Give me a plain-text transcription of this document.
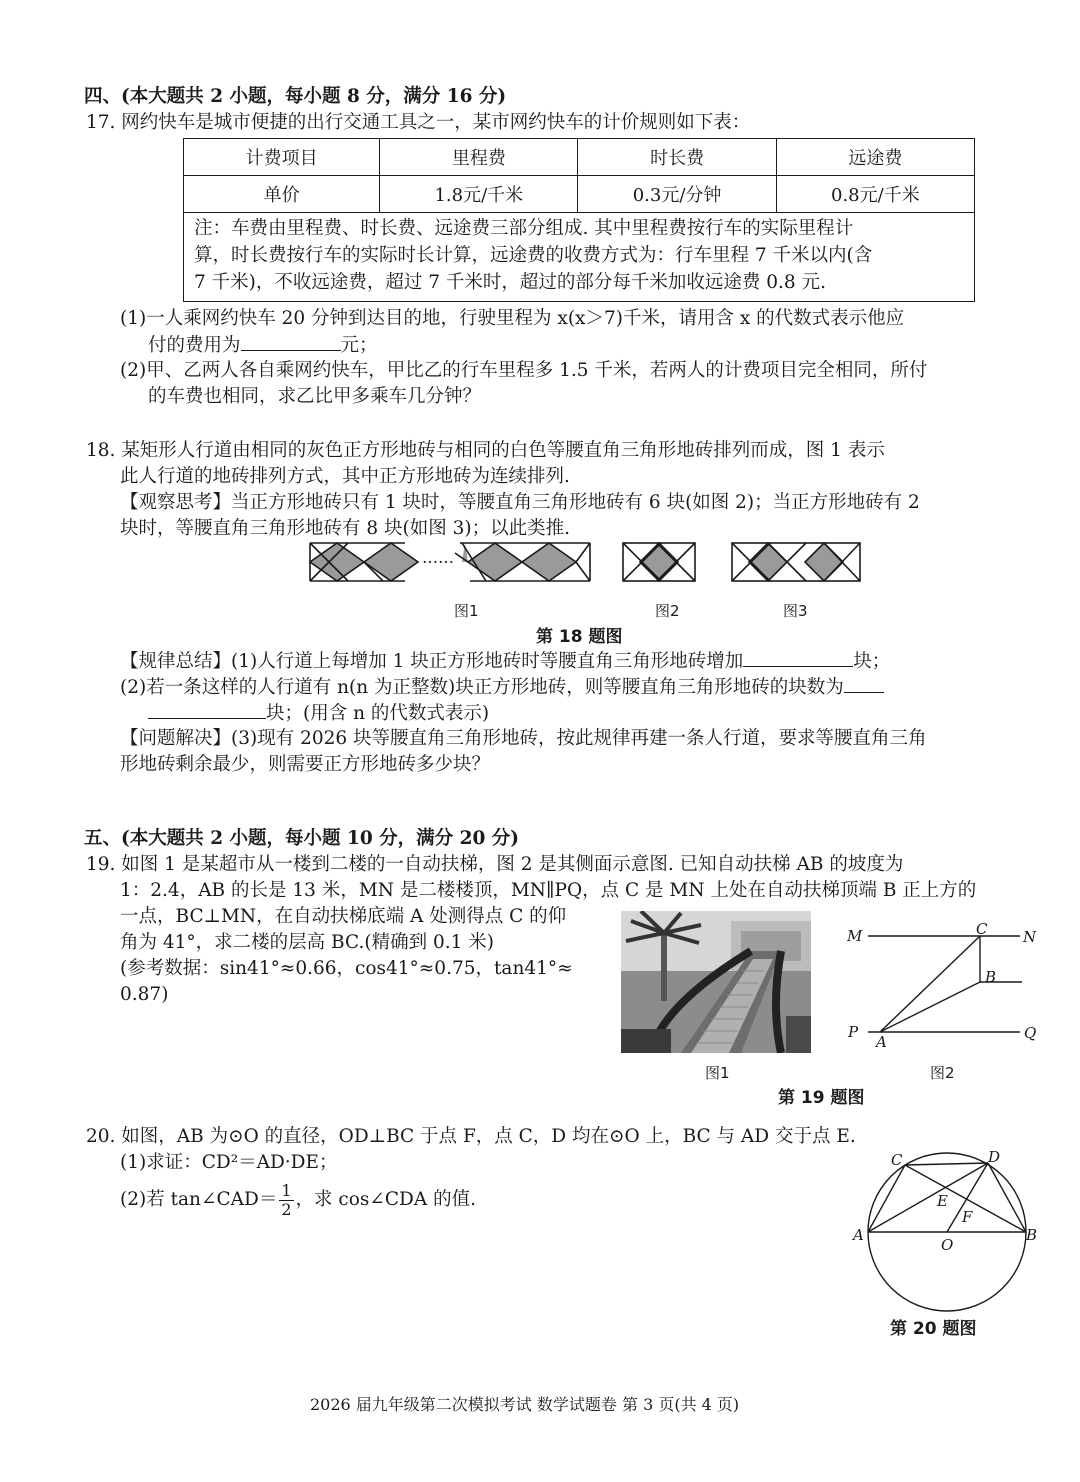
四、(本大题共 2 小题，每小题 8 分，满分 16 分)
17. 网约快车是城市便捷的出行交通工具之一，某市网约快车的计价规则如下表：
计费项目	里程费	时长费	远途费
单价	1.8元/千米	0.3元/分钟	0.8元/千米
注：车费由里程费、时长费、远途费三部分组成. 其中里程费按行车的实际里程计
算，时长费按行车的实际时长计算，远途费的收费方式为：行车里程 7 千米以内(含
7 千米)，不收远途费，超过 7 千米时，超过的部分每千米加收远途费 0.8 元.
(1)一人乘网约快车 20 分钟到达目的地，行驶里程为 x(x＞7)千米，请用含 x 的代数式表示他应
付的费用为	元；
(2)甲、乙两人各自乘网约快车，甲比乙的行车里程多 1.5 千米，若两人的计费项目完全相同，所付
的车费也相同，求乙比甲多乘车几分钟？
18. 某矩形人行道由相同的灰色正方形地砖与相同的白色等腰直角三角形地砖排列而成，图 1 表示
此人行道的地砖排列方式，其中正方形地砖为连续排列.
【观察思考】当正方形地砖只有 1 块时，等腰直角三角形地砖有 6 块(如图 2)；当正方形地砖有 2
块时，等腰直角三角形地砖有 8 块(如图 3)；以此类推.
……
图1	图2	图3
第 18 题图
【规律总结】(1)人行道上每增加 1 块正方形地砖时等腰直角三角形地砖增加	块；
(2)若一条这样的人行道有 n(n 为正整数)块正方形地砖，则等腰直角三角形地砖的块数为
块；(用含 n 的代数式表示)
【问题解决】(3)现有 2026 块等腰直角三角形地砖，按此规律再建一条人行道，要求等腰直角三角
形地砖剩余最少，则需要正方形地砖多少块？
五、(本大题共 2 小题，每小题 10 分，满分 20 分)
19. 如图 1 是某超市从一楼到二楼的一自动扶梯，图 2 是其侧面示意图. 已知自动扶梯 AB 的坡度为
1：2.4，AB 的长是 13 米，MN 是二楼楼顶，MN∥PQ，点 C 是 MN 上处在自动扶梯顶端 B 正上方的
一点，BC⊥MN，在自动扶梯底端 A 处测得点 C 的仰
角为 41°，求二楼的层高 BC.(精确到 0.1 米)
(参考数据：sin41°≈0.66，cos41°≈0.75，tan41°≈
0.87)
M	C N
B
P
A	Q
图1	图2
第 19 题图
20. 如图，AB 为⊙O 的直径，OD⊥BC 于点 F，点 C，D 均在⊙O 上，BC 与 AD 交于点 E.
(1)求证：CD²＝AD·DE；
(2)若 tan∠CAD＝ $\frac{1}{2}$ ，求 cos∠CDA 的值.
C	D
E
F
A
O
B
第 20 题图
2026 届九年级第二次模拟考试 数学试题卷 第 3 页(共 4 页)
